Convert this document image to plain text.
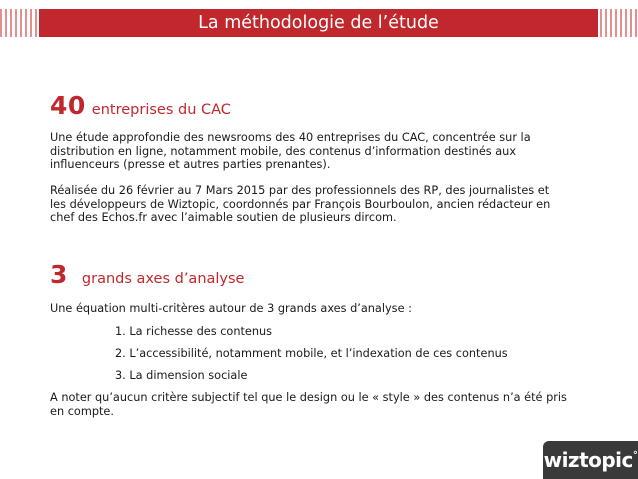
La méthodologie de l’étude
40 entreprises du CAC
Une étude approfondie des newsrooms des 40 entreprises du CAC, concentrée sur la
distribution en ligne, notamment mobile, des contenus d’information destinés aux
influenceurs (presse et autres parties prenantes).
Réalisée du 26 février au 7 Mars 2015 par des professionnels des RP, des journalistes et
les développeurs de Wiztopic, coordonnés par François Bourboulon, ancien rédacteur en
chef des Echos.fr avec l’aimable soutien de plusieurs dircom.
3 grands axes d’analyse
Une équation multi-critères autour de 3 grands axes d’analyse :
1. La richesse des contenus
2. L’accessibilité, notamment mobile, et l’indexation de ces contenus
3. La dimension sociale
A noter qu’aucun critère subjectif tel que le design ou le « style » des contenus n’a été pris
en compte.
wiztopic°
